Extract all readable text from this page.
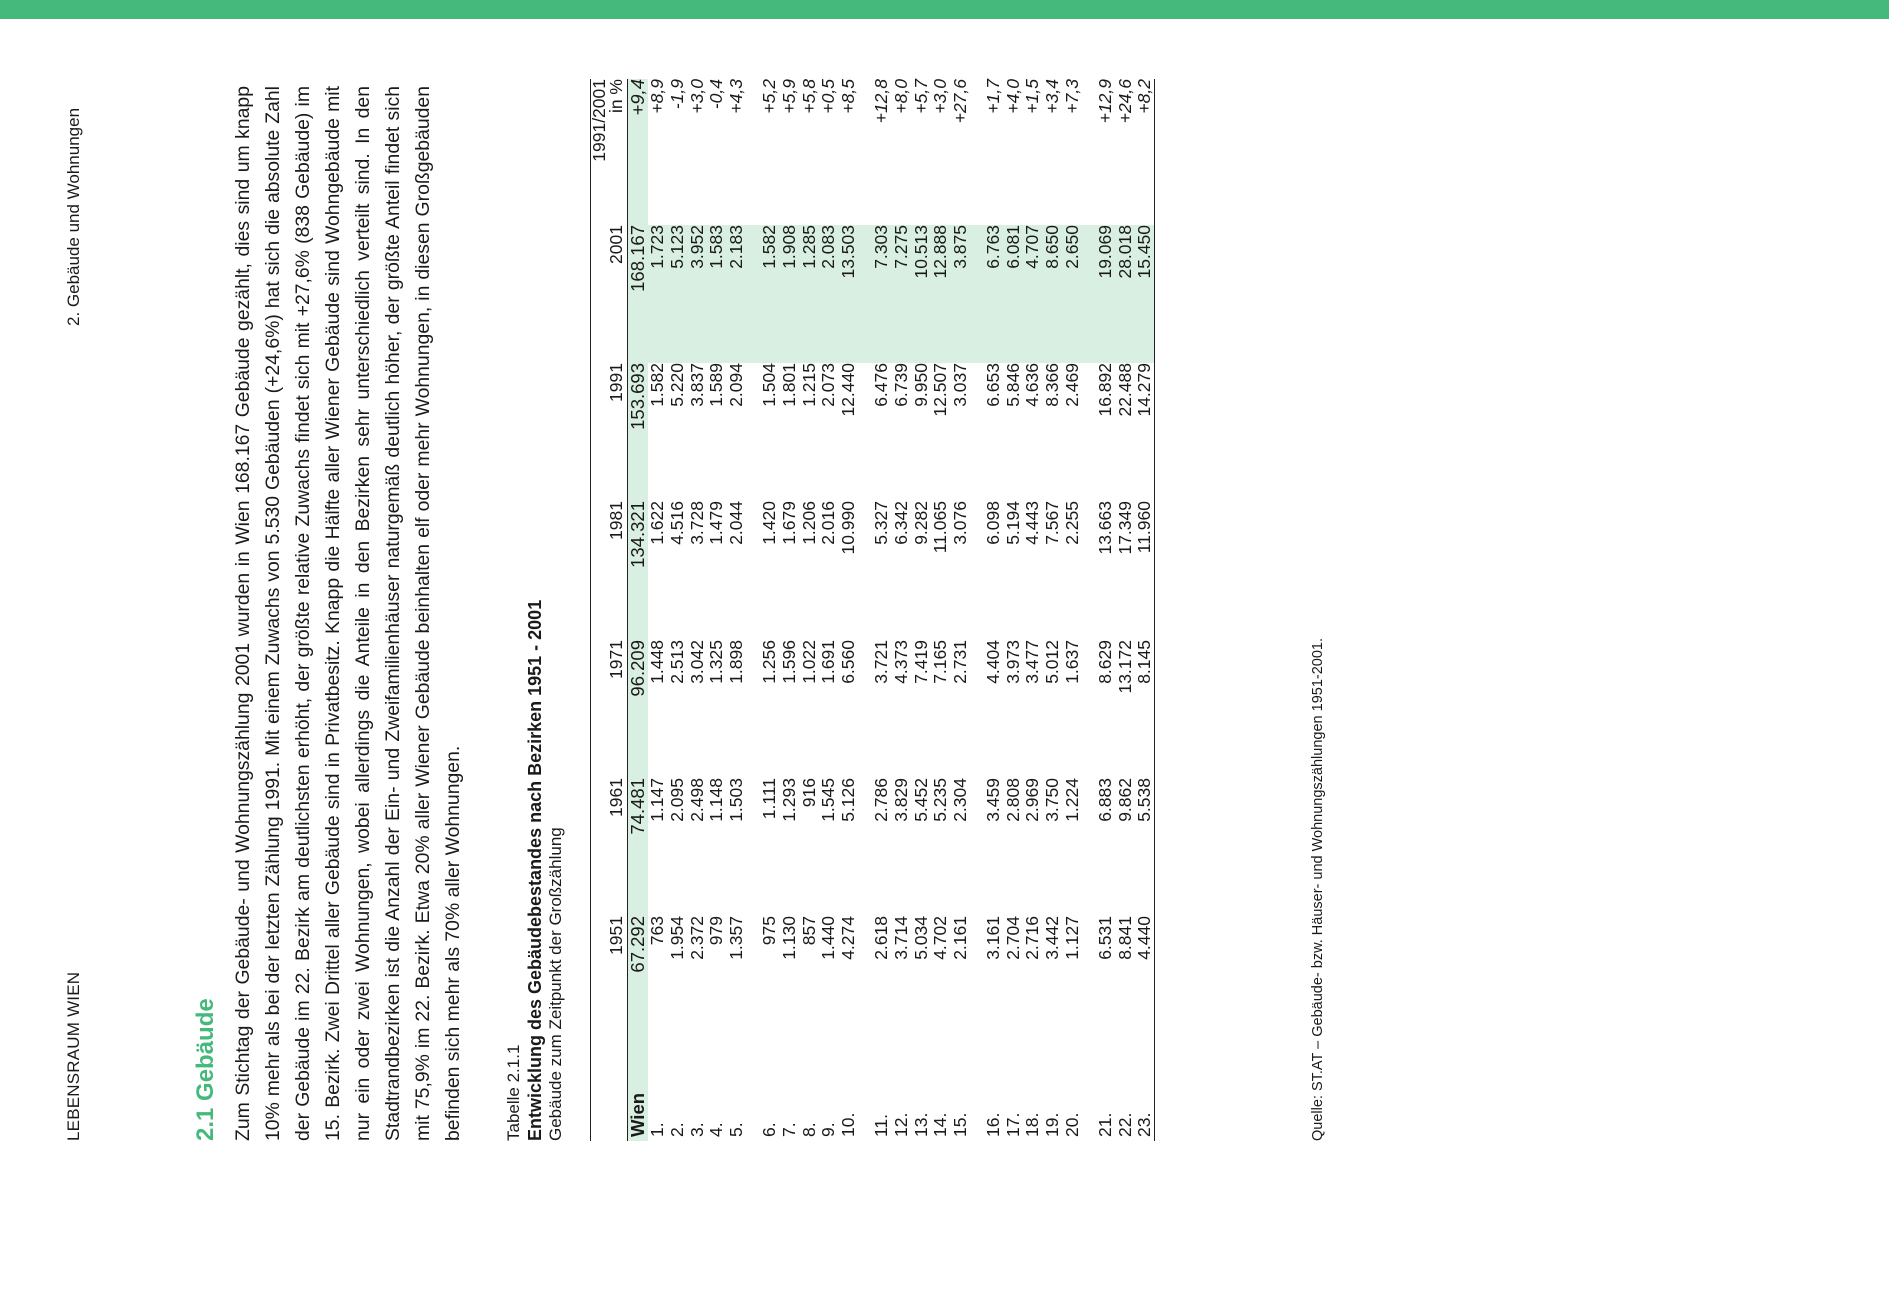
LEBENSRAUM WIEN
2. Gebäude und Wohnungen
2.1 Gebäude Zum Stichtag der Gebäude- und Wohnungszählung 2001 wurden in Wien 168.167 Gebäude gezählt, dies sind um knapp 10% mehr als bei der letzten Zählung 1991. Mit einem Zuwachs von 5.530 Gebäuden (+24,6%) hat sich die absolute Zahl der Gebäude im 22. Bezirk am deutlichsten erhöht, der größte relative Zuwachs findet sich mit +27,6% (838 Gebäude) im 15. Bezirk. Zwei Drittel aller Gebäude sind in Privatbesitz. Knapp die Hälfte aller Wiener Gebäude sind Wohngebäude mit nur ein oder zwei Wohnungen, wobei allerdings die Anteile in den Bezirken sehr unterschiedlich verteilt sind. In den Stadtrandbezirken ist die Anzahl der Ein- und Zweifamilienhäuser naturgemäß deutlich höher, der größte Anteil findet sich mit 75,9% im 22. Bezirk. Etwa 20% aller Wiener Gebäude beinhalten elf oder mehr Wohnungen, in diesen Großgebäuden befinden sich mehr als 70% aller Wohnungen. Tabelle 2.1.1 Entwicklung des Gebäudebestandes nach Bezirken 1951 - 2001 Gebäude zum Zeitpunkt der Großzählung
	1951	1961	1971	1981	1991	2001	1991/2001
in %
Wien	67.292	74.481	96.209	134.321	153.693	168.167	+9,4
1.	763	1.147	1.448	1.622	1.582	1.723	+8,9
2.	1.954	2.095	2.513	4.516	5.220	5.123	-1,9
3.	2.372	2.498	3.042	3.728	3.837	3.952	+3,0
4.	979	1.148	1.325	1.479	1.589	1.583	-0,4
5.	1.357	1.503	1.898	2.044	2.094	2.183	+4,3

6.	975	1.111	1.256	1.420	1.504	1.582	+5,2
7.	1.130	1.293	1.596	1.679	1.801	1.908	+5,9
8.	857	916	1.022	1.206	1.215	1.285	+5,8
9.	1.440	1.545	1.691	2.016	2.073	2.083	+0,5
10.	4.274	5.126	6.560	10.990	12.440	13.503	+8,5

11.	2.618	2.786	3.721	5.327	6.476	7.303	+12,8
12.	3.714	3.829	4.373	6.342	6.739	7.275	+8,0
13.	5.034	5.452	7.419	9.282	9.950	10.513	+5,7
14.	4.702	5.235	7.165	11.065	12.507	12.888	+3,0
15.	2.161	2.304	2.731	3.076	3.037	3.875	+27,6

16.	3.161	3.459	4.404	6.098	6.653	6.763	+1,7
17.	2.704	2.808	3.973	5.194	5.846	6.081	+4,0
18.	2.716	2.969	3.477	4.443	4.636	4.707	+1,5
19.	3.442	3.750	5.012	7.567	8.366	8.650	+3,4
20.	1.127	1.224	1.637	2.255	2.469	2.650	+7,3

21.	6.531	6.883	8.629	13.663	16.892	19.069	+12,9
22.	8.841	9.862	13.172	17.349	22.488	28.018	+24,6
23.	4.440	5.538	8.145	11.960	14.279	15.450	+8,2
Quelle: ST.AT – Gebäude- bzw. Häuser- und Wohnungszählungen 1951-2001.
